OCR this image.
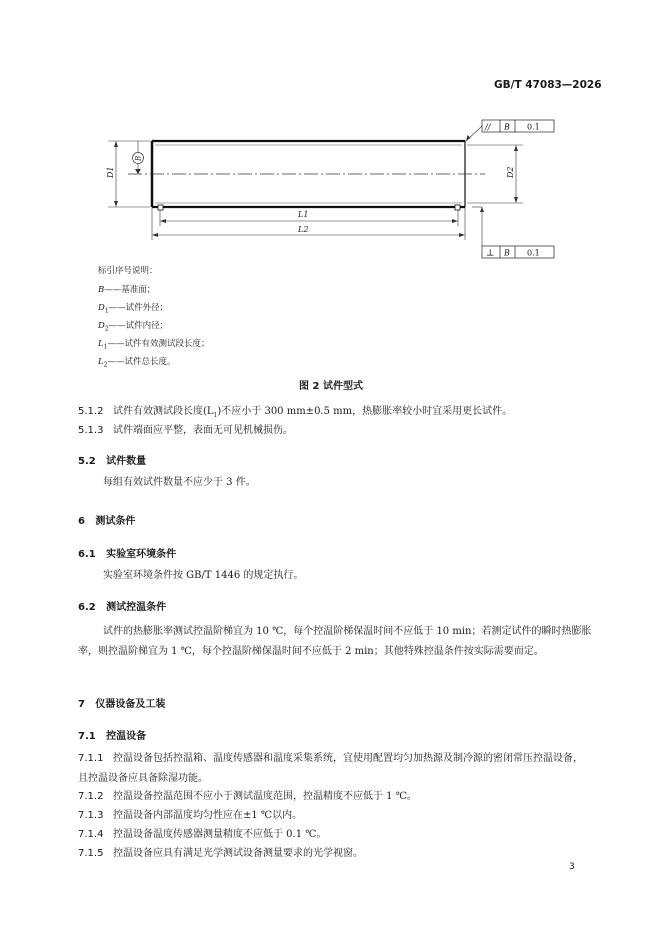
GB/T 47083—2026
D1
B
D2
L1
L2
// B 0.1
⊥ B 0.1
标引序号说明：
B——基准面；
$D_1——$试件外径；
$D_2——$试件内径；
$L_1——$试件有效测试段长度；
$L_2——$试件总长度。
图 2 试件型式
5.1.2 试件有效测试段长度$(L_1)$不应小于 300 mm±0.5 mm，热膨胀率较小时宜采用更长试件。
5.1.3 试件端面应平整，表面无可见机械损伤。
5.2 试件数量
每组有效试件数量不应少于 3 件。
6 测试条件
6.1 实验室环境条件
实验室环境条件按 GB/T 1446 的规定执行。
6.2 测试控温条件
试件的热膨胀率测试控温阶梯宜为 10 ℃，每个控温阶梯保温时间不应低于 10 min；若测定试件的瞬时热膨胀率，则控温阶梯宜为 1 ℃，每个控温阶梯保温时间不应低于 2 min；其他特殊控温条件按实际需要而定。
7 仪器设备及工装
7.1 控温设备
7.1.1 控温设备包括控温箱、温度传感器和温度采集系统，宜使用配置均匀加热源及制冷源的密闭常压控温设备，且控温设备应具备除湿功能。
7.1.2 控温设备控温范围不应小于测试温度范围，控温精度不应低于 1 ℃。
7.1.3 控温设备内部温度均匀性应在±1 ℃以内。
7.1.4 控温设备温度传感器测量精度不应低于 0.1 ℃。
7.1.5 控温设备应具有满足光学测试设备测量要求的光学视窗。
3
